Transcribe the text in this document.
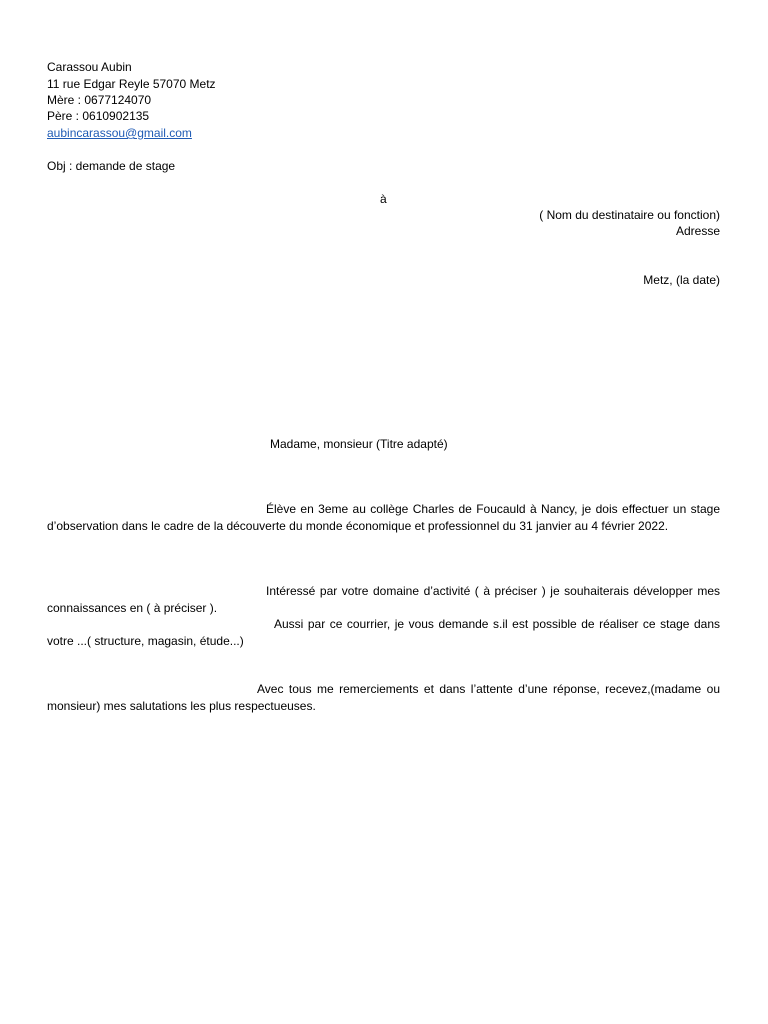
Carassou Aubin
11 rue Edgar Reyle 57070 Metz
Mère : 0677124070
Père : 0610902135
aubincarassou@gmail.com
Obj : demande de stage
à
( Nom du destinataire ou fonction)
Adresse
Metz, (la date)
Madame, monsieur (Titre adapté)
Élève en 3eme au collège Charles de Foucauld à Nancy, je dois effectuer un stage d’observation dans le cadre de la découverte du monde économique et professionnel du 31 janvier au 4 février 2022.
Intéressé par votre domaine d’activité ( à préciser ) je souhaiterais développer mes connaissances en ( à préciser ).
Aussi par ce courrier, je vous demande s.il est possible de réaliser ce stage dans votre ...( structure, magasin, étude...)
Avec tous me remerciements et dans l’attente d’une réponse, recevez,(madame ou monsieur) mes salutations les plus respectueuses.
